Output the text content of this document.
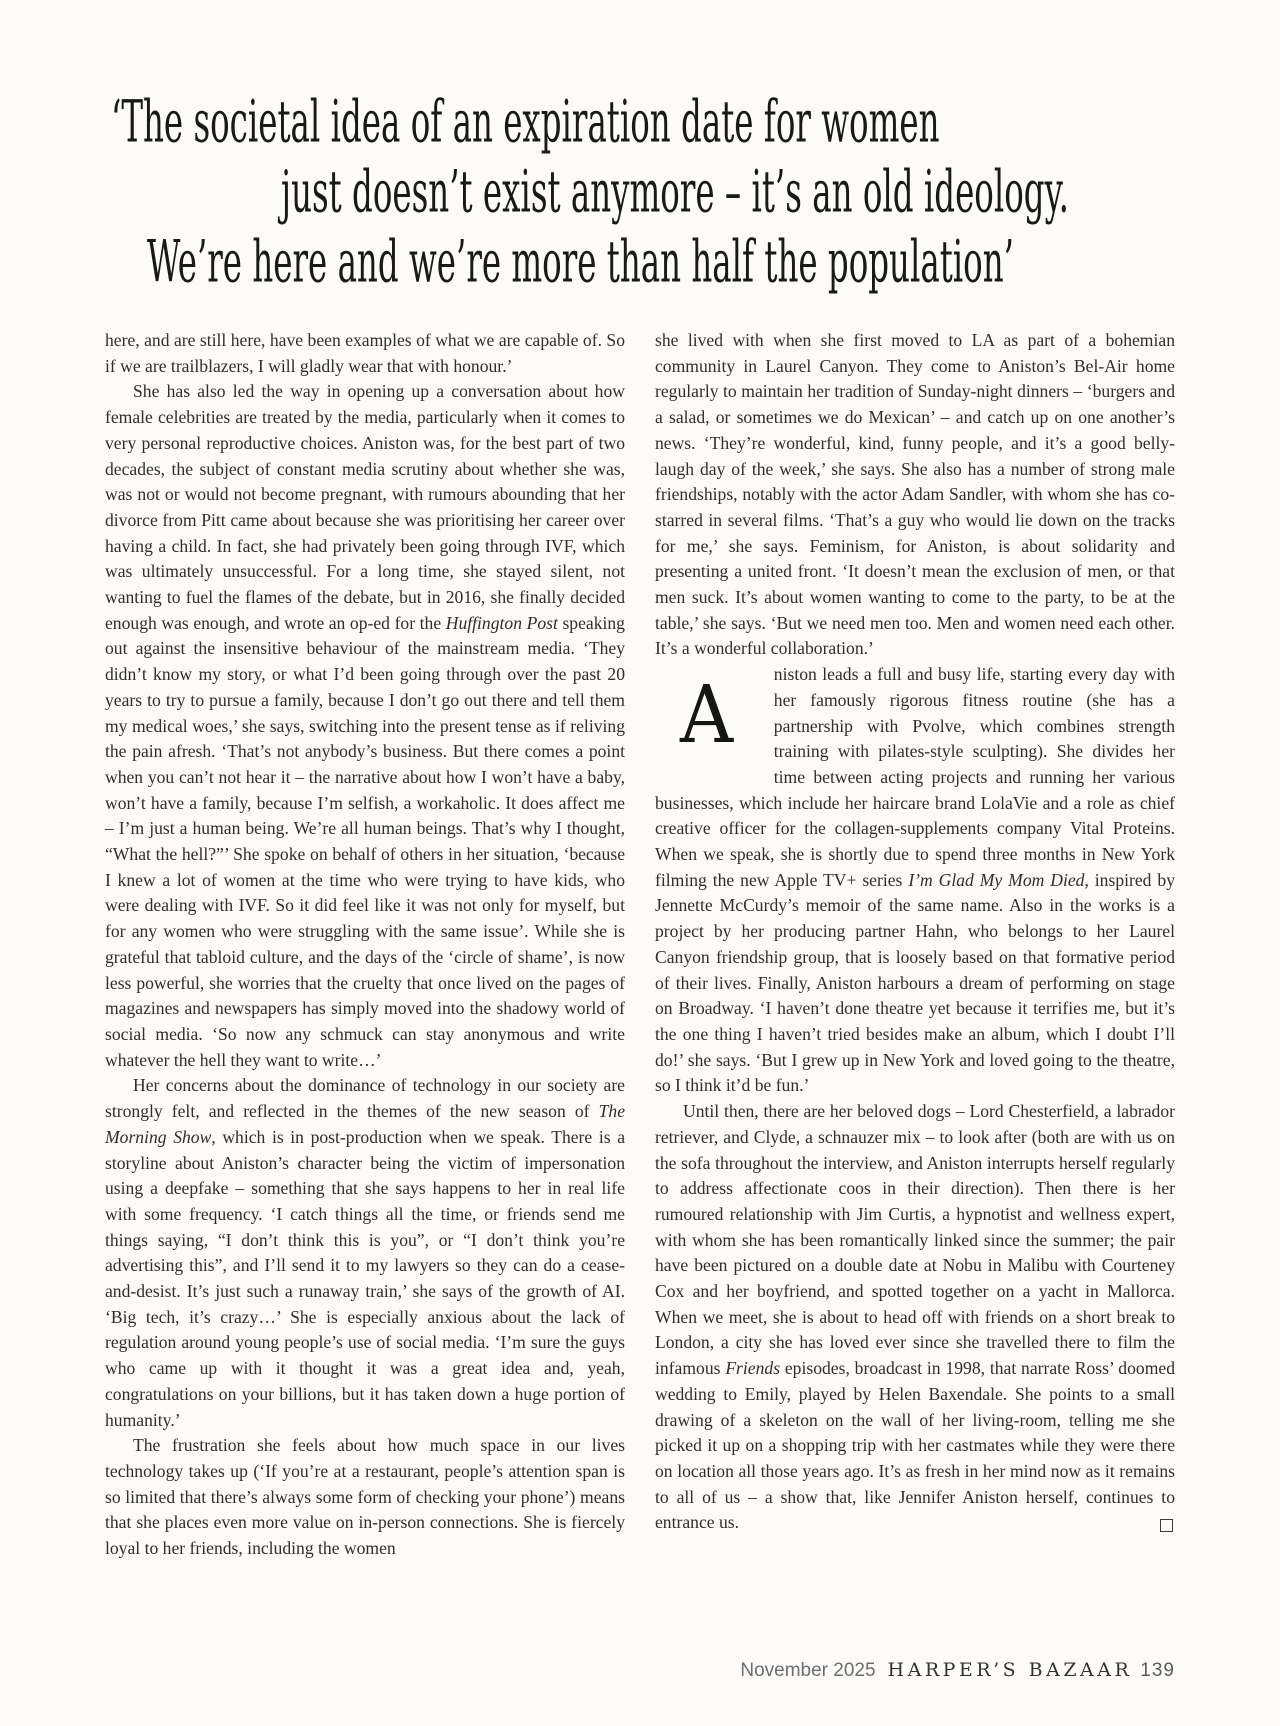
‘The societal idea of an expiration date for women
just doesn’t exist anymore – it’s an old ideology.
We’re here and we’re more than half the population’

here, and are still here, have been examples of what we are capable of. So if we are trailblazers, I will gladly wear that with honour.’

She has also led the way in opening up a conversation about how female celebrities are treated by the media, particularly when it comes to very personal reproductive choices. Aniston was, for the best part of two decades, the subject of constant media scrutiny about whether she was, was not or would not become pregnant, with rumours abounding that her divorce from Pitt came about because she was prioritising her career over having a child. In fact, she had privately been going through IVF, which was ultimately unsuccessful. For a long time, she stayed silent, not wanting to fuel the flames of the debate, but in 2016, she finally decided enough was enough, and wrote an op-ed for the Huffington Post speaking out against the insensitive behaviour of the mainstream media. ‘They didn’t know my story, or what I’d been going through over the past 20 years to try to pursue a family, because I don’t go out there and tell them my medical woes,’ she says, switching into the present tense as if reliving the pain afresh. ‘That’s not anybody’s business. But there comes a point when you can’t not hear it – the narrative about how I won’t have a baby, won’t have a family, because I’m selfish, a workaholic. It does affect me – I’m just a human being. We’re all human beings. That’s why I thought, “What the hell?”’ She spoke on behalf of others in her situation, ‘because I knew a lot of women at the time who were trying to have kids, who were dealing with IVF. So it did feel like it was not only for myself, but for any women who were struggling with the same issue’. While she is grateful that tabloid culture, and the days of the ‘circle of shame’, is now less powerful, she worries that the cruelty that once lived on the pages of magazines and newspapers has simply moved into the shadowy world of social media. ‘So now any schmuck can stay anonymous and write whatever the hell they want to write…’

Her concerns about the dominance of technology in our society are strongly felt, and reflected in the themes of the new season of The Morning Show, which is in post-production when we speak. There is a storyline about Aniston’s character being the victim of impersonation using a deepfake – something that she says happens to her in real life with some frequency. ‘I catch things all the time, or friends send me things saying, “I don’t think this is you”, or “I don’t think you’re advertising this”, and I’ll send it to my lawyers so they can do a cease-and-desist. It’s just such a runaway train,’ she says of the growth of AI. ‘Big tech, it’s crazy…’ She is especially anxious about the lack of regulation around young people’s use of social media. ‘I’m sure the guys who came up with it thought it was a great idea and, yeah, congratulations on your billions, but it has taken down a huge portion of humanity.’

The frustration she feels about how much space in our lives technology takes up (‘If you’re at a restaurant, people’s attention span is so limited that there’s always some form of checking your phone’) means that she places even more value on in-person connections. She is fiercely loyal to her friends, including the women

she lived with when she first moved to LA as part of a bohemian community in Laurel Canyon. They come to Aniston’s Bel-Air home regularly to maintain her tradition of Sunday-night dinners – ‘burgers and a salad, or sometimes we do Mexican’ – and catch up on one another’s news. ‘They’re wonderful, kind, funny people, and it’s a good belly-laugh day of the week,’ she says. She also has a number of strong male friendships, notably with the actor Adam Sandler, with whom she has co-starred in several films. ‘That’s a guy who would lie down on the tracks for me,’ she says. Feminism, for Aniston, is about solidarity and presenting a united front. ‘It doesn’t mean the exclusion of men, or that men suck. It’s about women wanting to come to the party, to be at the table,’ she says. ‘But we need men too. Men and women need each other. It’s a wonderful collaboration.’

A niston leads a full and busy life, starting every day with her famously rigorous fitness routine (she has a partnership with Pvolve, which combines strength training with pilates-style sculpting). She divides her time between acting projects and running her various businesses, which include her haircare brand LolaVie and a role as chief creative officer for the collagen-supplements company Vital Proteins. When we speak, she is shortly due to spend three months in New York filming the new Apple TV+ series I’m Glad My Mom Died, inspired by Jennette McCurdy’s memoir of the same name. Also in the works is a project by her producing partner Hahn, who belongs to her Laurel Canyon friendship group, that is loosely based on that formative period of their lives. Finally, Aniston harbours a dream of performing on stage on Broadway. ‘I haven’t done theatre yet because it terrifies me, but it’s the one thing I haven’t tried besides make an album, which I doubt I’ll do!’ she says. ‘But I grew up in New York and loved going to the theatre, so I think it’d be fun.’

Until then, there are her beloved dogs – Lord Chesterfield, a labrador retriever, and Clyde, a schnauzer mix – to look after (both are with us on the sofa throughout the interview, and Aniston interrupts herself regularly to address affectionate coos in their direction). Then there is her rumoured relationship with Jim Curtis, a hypnotist and wellness expert, with whom she has been romantically linked since the summer; the pair have been pictured on a double date at Nobu in Malibu with Courteney Cox and her boyfriend, and spotted together on a yacht in Mallorca. When we meet, she is about to head off with friends on a short break to London, a city she has loved ever since she travelled there to film the infamous Friends episodes, broadcast in 1998, that narrate Ross’ doomed wedding to Emily, played by Helen Baxendale. She points to a small drawing of a skeleton on the wall of her living-room, telling me she picked it up on a shopping trip with her castmates while they were there on location all those years ago. It’s as fresh in her mind now as it remains to all of us – a show that, like Jennifer Aniston herself, continues to entrance us.

November 2025 HARPER’S BAZAAR 139
